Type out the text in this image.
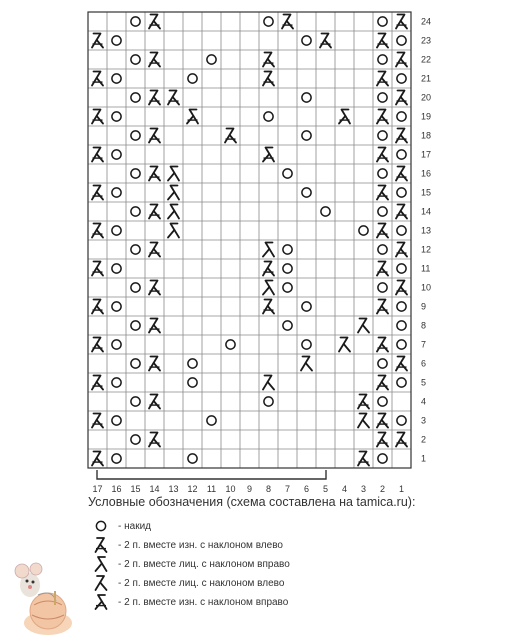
24
23
22
21
20
19
18
17
16
15
14
13
12
11
10
9
8
7
6
5
4
3
2
1
17 16 15 14 13 12 11 10 9 8 7 6 5 4 3 2 1
Условные обозначения (схема составлена на tamica.ru):
- накид
- 2 п. вместе изн. с наклоном влево
- 2 п. вместе лиц. с наклоном вправо
- 2 п. вместе лиц. с наклоном влево
- 2 п. вместе изн. с наклоном вправо
